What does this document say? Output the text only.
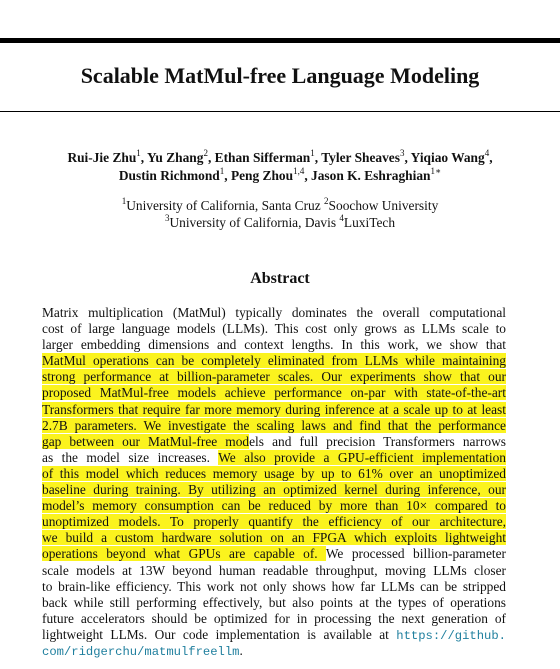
Scalable MatMul-free Language Modeling
Rui-Jie Zhu$^1$, Yu Zhang$^2$, Ethan Sifferman$^1$, Tyler Sheaves$^3$, Yiqiao Wang$^4$,
Dustin Richmond$^1$, Peng Zhou$^{1,4}$, Jason K. Eshraghian$^{1∗}$
$^1$University of California, Santa Cruz $^2$Soochow University
$^3$University of California, Davis $^4$LuxiTech
Abstract
Matrix multiplication (MatMul) typically dominates the overall computational
cost of large language models (LLMs). This cost only grows as LLMs scale to
larger embedding dimensions and context lengths. In this work, we show that
MatMul operations can be completely eliminated from LLMs while maintaining
strong performance at billion-parameter scales. Our experiments show that our
proposed MatMul-free models achieve performance on-par with state-of-the-art
Transformers that require far more memory during inference at a scale up to at least
2.7B parameters. We investigate the scaling laws and find that the performance
gap between our MatMul-free models and full precision Transformers narrows
as the model size increases. We also provide a GPU-efficient implementation
of this model which reduces memory usage by up to 61% over an unoptimized
baseline during training. By utilizing an optimized kernel during inference, our
model’s memory consumption can be reduced by more than 10× compared to
unoptimized models. To properly quantify the efficiency of our architecture,
we build a custom hardware solution on an FPGA which exploits lightweight
operations beyond what GPUs are capable of. We processed billion-parameter
scale models at 13W beyond human readable throughput, moving LLMs closer
to brain-like efficiency. This work not only shows how far LLMs can be stripped
back while still performing effectively, but also points at the types of operations
future accelerators should be optimized for in processing the next generation of
lightweight LLMs. Our code implementation is available at https://github.
com/ridgerchu/matmulfreellm.
